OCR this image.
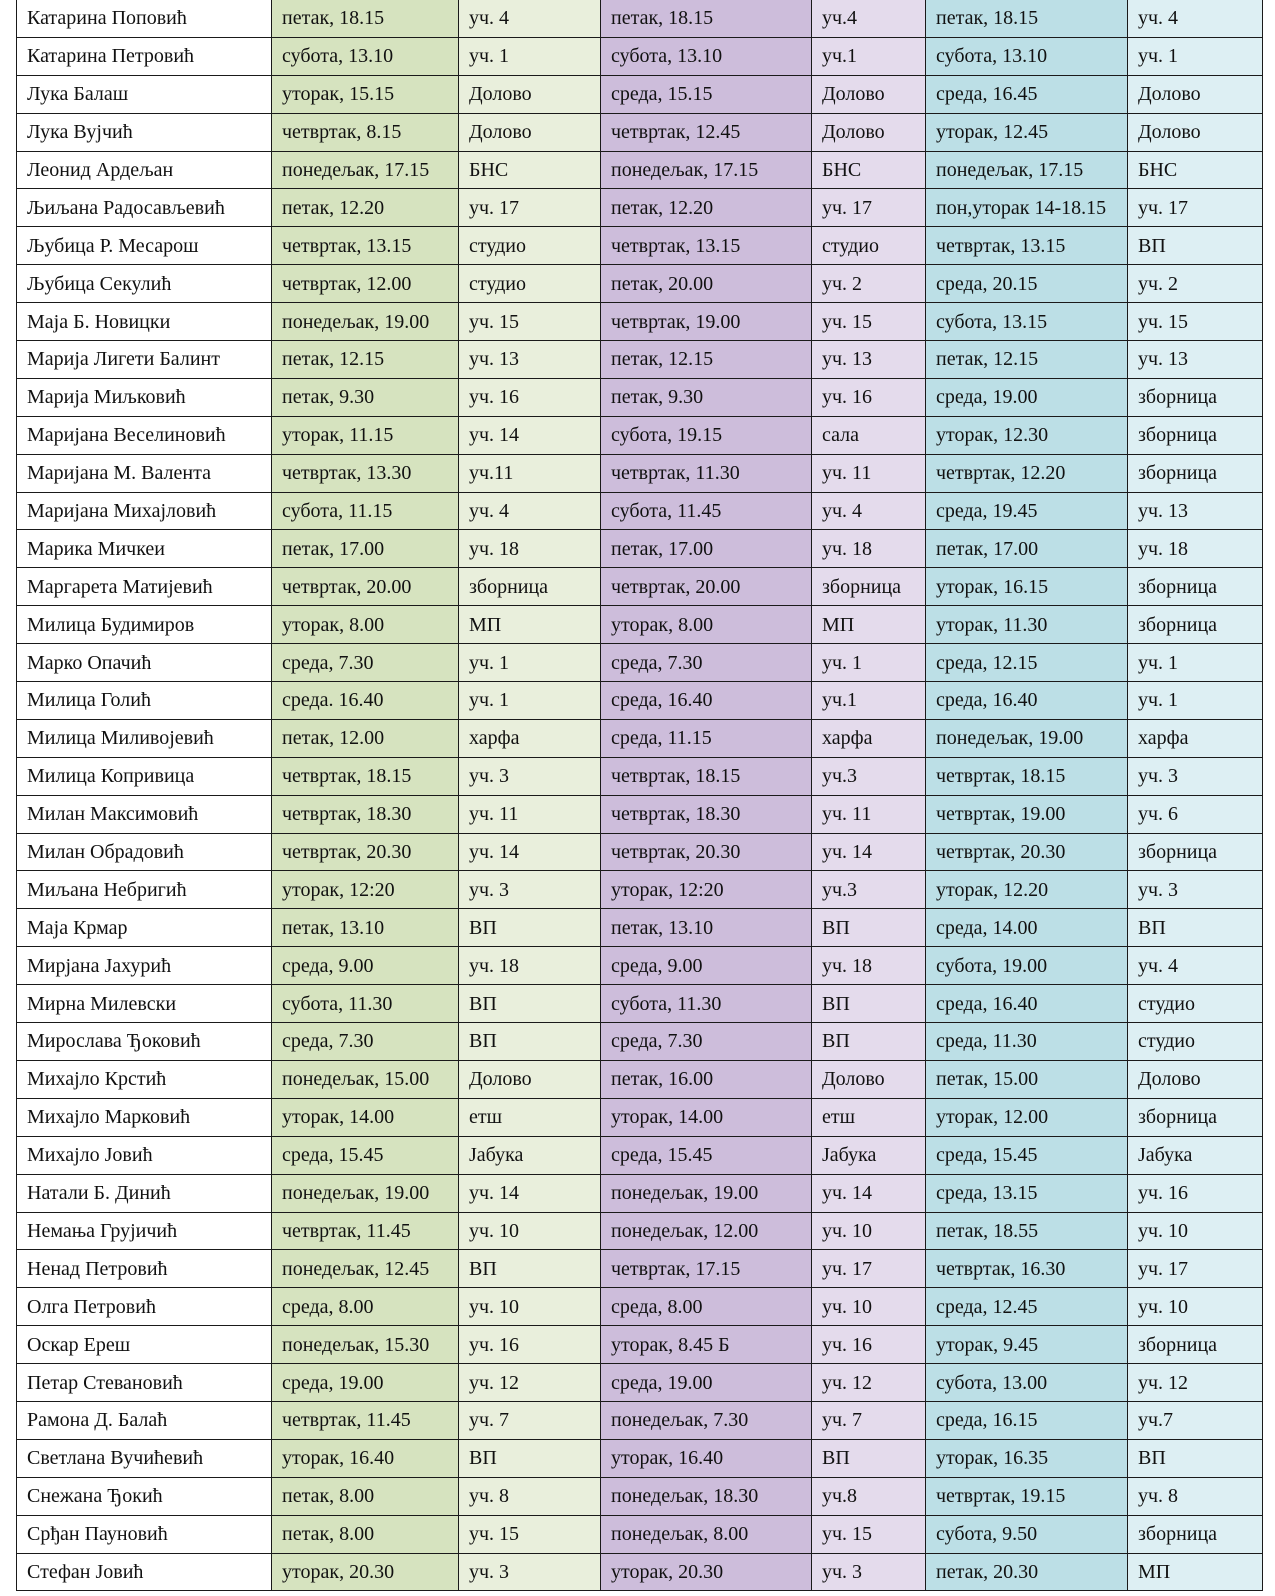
Катарина Поповић	петак, 18.15	уч. 4	петак, 18.15	уч.4	петак, 18.15	уч. 4
Катарина Петровић	субота, 13.10	уч. 1	субота, 13.10	уч.1	субота, 13.10	уч. 1
Лука Балаш	уторак, 15.15	Долово	среда, 15.15	Долово	среда, 16.45	Долово
Лука Вујчић	четвртак, 8.15	Долово	четвртак, 12.45	Долово	уторак, 12.45	Долово
Леонид Ардељан	понедељак, 17.15	БНС	понедељак, 17.15	БНС	понедељак, 17.15	БНС
Љиљана Радосављевић	петак, 12.20	уч. 17	петак, 12.20	уч. 17	пон,уторак 14-18.15	уч. 17
Љубица Р. Месарош	четвртак, 13.15	студио	четвртак, 13.15	студио	четвртак, 13.15	ВП
Љубица Секулић	четвртак, 12.00	студио	петак, 20.00	уч. 2	среда, 20.15	уч. 2
Маја Б. Новицки	понедељак, 19.00	уч. 15	четвртак, 19.00	уч. 15	субота, 13.15	уч. 15
Марија Лигети Балинт	петак, 12.15	уч. 13	петак, 12.15	уч. 13	петак, 12.15	уч. 13
Марија Миљковић	петак, 9.30	уч. 16	петак, 9.30	уч. 16	среда, 19.00	зборница
Маријана Веселиновић	уторак, 11.15	уч. 14	субота, 19.15	сала	уторак, 12.30	зборница
Маријана М. Валента	четвртак, 13.30	уч.11	четвртак, 11.30	уч. 11	четвртак, 12.20	зборница
Маријана Михајловић	субота, 11.15	уч. 4	субота, 11.45	уч. 4	среда, 19.45	уч. 13
Марика Мичкеи	петак, 17.00	уч. 18	петак, 17.00	уч. 18	петак, 17.00	уч. 18
Маргарета Матијевић	четвртак, 20.00	зборница	четвртак, 20.00	зборница	уторак, 16.15	зборница
Милица Будимиров	уторак, 8.00	МП	уторак, 8.00	МП	уторак, 11.30	зборница
Марко Опачић	среда, 7.30	уч. 1	среда, 7.30	уч. 1	среда, 12.15	уч. 1
Милица Голић	среда. 16.40	уч. 1	среда, 16.40	уч.1	среда, 16.40	уч. 1
Милица Миливојевић	петак, 12.00	харфа	среда, 11.15	харфа	понедељак, 19.00	харфа
Милица Копривица	четвртак, 18.15	уч. 3	четвртак, 18.15	уч.3	четвртак, 18.15	уч. 3
Милан Максимовић	четвртак, 18.30	уч. 11	четвртак, 18.30	уч. 11	четвртак, 19.00	уч. 6
Милан Обрадовић	четвртак, 20.30	уч. 14	четвртак, 20.30	уч. 14	четвртак, 20.30	зборница
Миљана Небригић	уторак, 12:20	уч. 3	уторак, 12:20	уч.3	уторак, 12.20	уч. 3
Маја Крмар	петак, 13.10	ВП	петак, 13.10	ВП	среда, 14.00	ВП
Мирјана Јахурић	среда, 9.00	уч. 18	среда, 9.00	уч. 18	субота, 19.00	уч. 4
Мирна Милевски	субота, 11.30	ВП	субота, 11.30	ВП	среда, 16.40	студио
Мирослава Ђоковић	среда, 7.30	ВП	среда, 7.30	ВП	среда, 11.30	студио
Михајло Крстић	понедељак, 15.00	Долово	петак, 16.00	Долово	петак, 15.00	Долово
Михајло Марковић	уторак, 14.00	етш	уторак, 14.00	етш	уторак, 12.00	зборница
Михајло Јовић	среда, 15.45	Јабука	среда, 15.45	Јабука	среда, 15.45	Јабука
Натали Б. Динић	понедељак, 19.00	уч. 14	понедељак, 19.00	уч. 14	среда, 13.15	уч. 16
Немања Грујичић	четвртак, 11.45	уч. 10	понедељак, 12.00	уч. 10	петак, 18.55	уч. 10
Ненад Петровић	понедељак, 12.45	ВП	четвртак, 17.15	уч. 17	четвртак, 16.30	уч. 17
Олга Петровић	среда, 8.00	уч. 10	среда, 8.00	уч. 10	среда, 12.45	уч. 10
Оскар Ереш	понедељак, 15.30	уч. 16	уторак, 8.45 Б	уч. 16	уторак, 9.45	зборница
Петар Стевановић	среда, 19.00	уч. 12	среда, 19.00	уч. 12	субота, 13.00	уч. 12
Рамона Д. Балаћ	четвртак, 11.45	уч. 7	понедељак, 7.30	уч. 7	среда, 16.15	уч.7
Светлана Вучићевић	уторак, 16.40	ВП	уторак, 16.40	ВП	уторак, 16.35	ВП
Снежана Ђокић	петак, 8.00	уч. 8	понедељак, 18.30	уч.8	четвртак, 19.15	уч. 8
Срђан Пауновић	петак, 8.00	уч. 15	понедељак, 8.00	уч. 15	субота, 9.50	зборница
Стефан Јовић	уторак, 20.30	уч. 3	уторак, 20.30	уч. 3	петак, 20.30	МП
